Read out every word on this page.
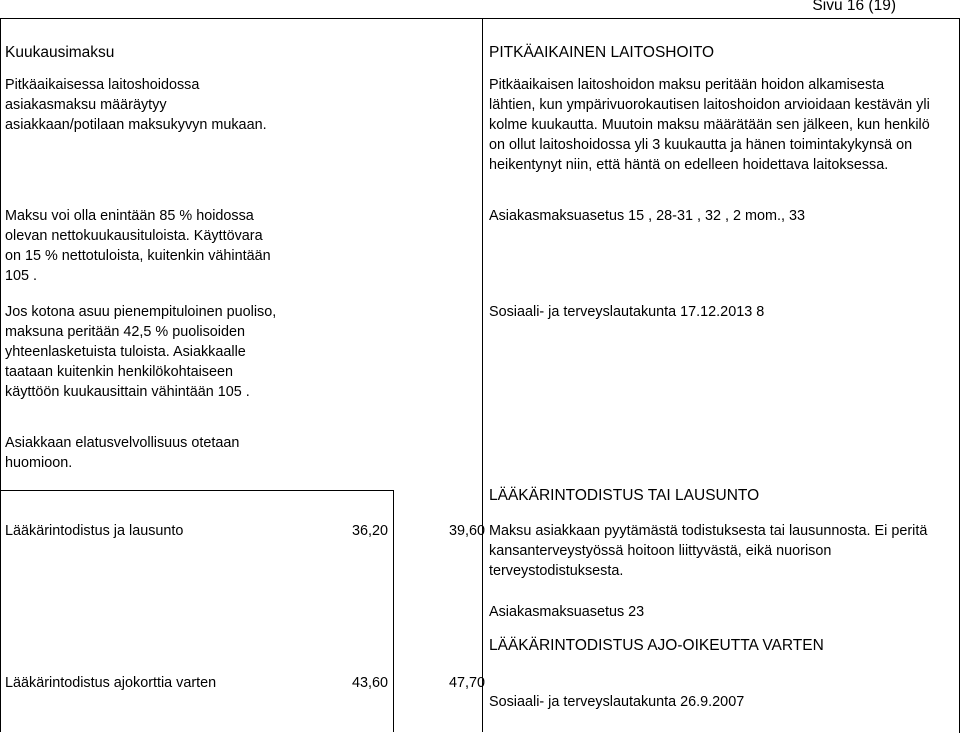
Sivu 16 (19)
Kuukausimaksu
Pitkäaikaisessa laitoshoidossa
asiakasmaksu määräytyy
asiakkaan/potilaan maksukyvyn mukaan.
Maksu voi olla enintään 85 % hoidossa
olevan nettokuukausituloista. Käyttövara
on 15 % nettotuloista, kuitenkin vähintään
105 .
Jos kotona asuu pienempituloinen puoliso,
maksuna peritään 42,5 % puolisoiden
yhteenlasketuista tuloista. Asiakkaalle
taataan kuitenkin henkilökohtaiseen
käyttöön kuukausittain vähintään 105 .
Asiakkaan elatusvelvollisuus otetaan
huomioon.
PITKÄAIKAINEN LAITOSHOITO
Pitkäaikaisen laitoshoidon maksu peritään hoidon alkamisesta
lähtien, kun ympärivuorokautisen laitoshoidon arvioidaan kestävän yli
kolme kuukautta. Muutoin maksu määrätään sen jälkeen, kun henkilö
on ollut laitoshoidossa yli 3 kuukautta ja hänen toimintakykynsä on
heikentynyt niin, että häntä on edelleen hoidettava laitoksessa.
Asiakasmaksuasetus 15 , 28-31 , 32 , 2 mom., 33
Sosiaali- ja terveyslautakunta 17.12.2013 8
LÄÄKÄRINTODISTUS TAI LAUSUNTO
Lääkärintodistus ja lausunto	36,20	39,60 Maksu asiakkaan pyytämästä todistuksesta tai lausunnosta. Ei peritä
kansanterveystyössä hoitoon liittyvästä, eikä nuorison
terveystodistuksesta.
Asiakasmaksuasetus 23
LÄÄKÄRINTODISTUS AJO-OIKEUTTA VARTEN
Lääkärintodistus ajokorttia varten	43,60	47,70
Sosiaali- ja terveyslautakunta 26.9.2007
